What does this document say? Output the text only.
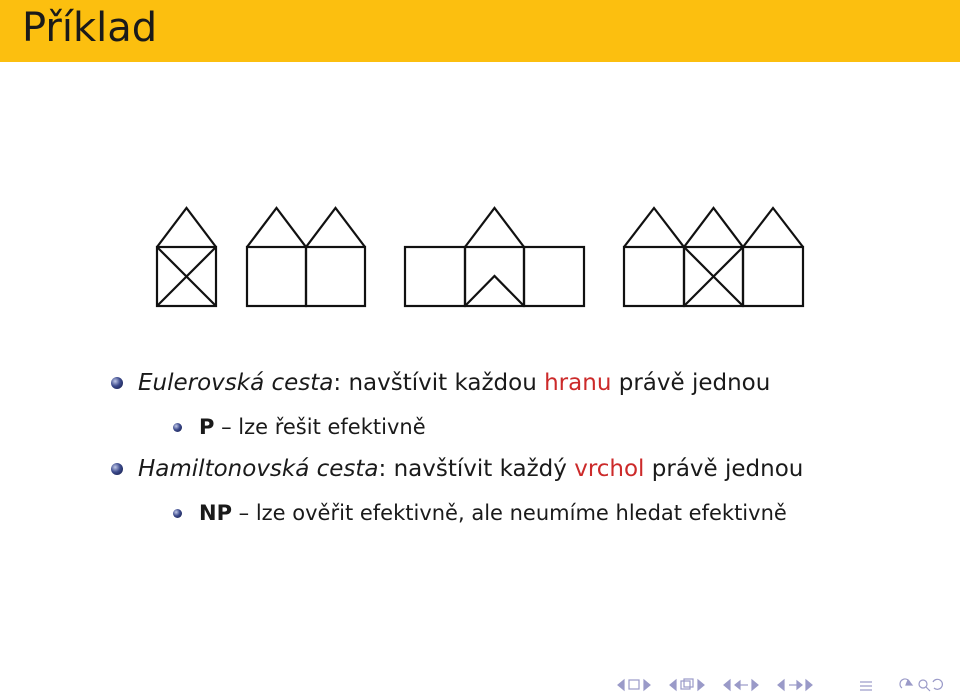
Příklad
Eulerovská cesta: navštívit každou hranu právě jednou
P – lze řešit efektivně
Hamiltonovská cesta: navštívit každý vrchol právě jednou
NP – lze ověřit efektivně, ale neumíme hledat efektivně
